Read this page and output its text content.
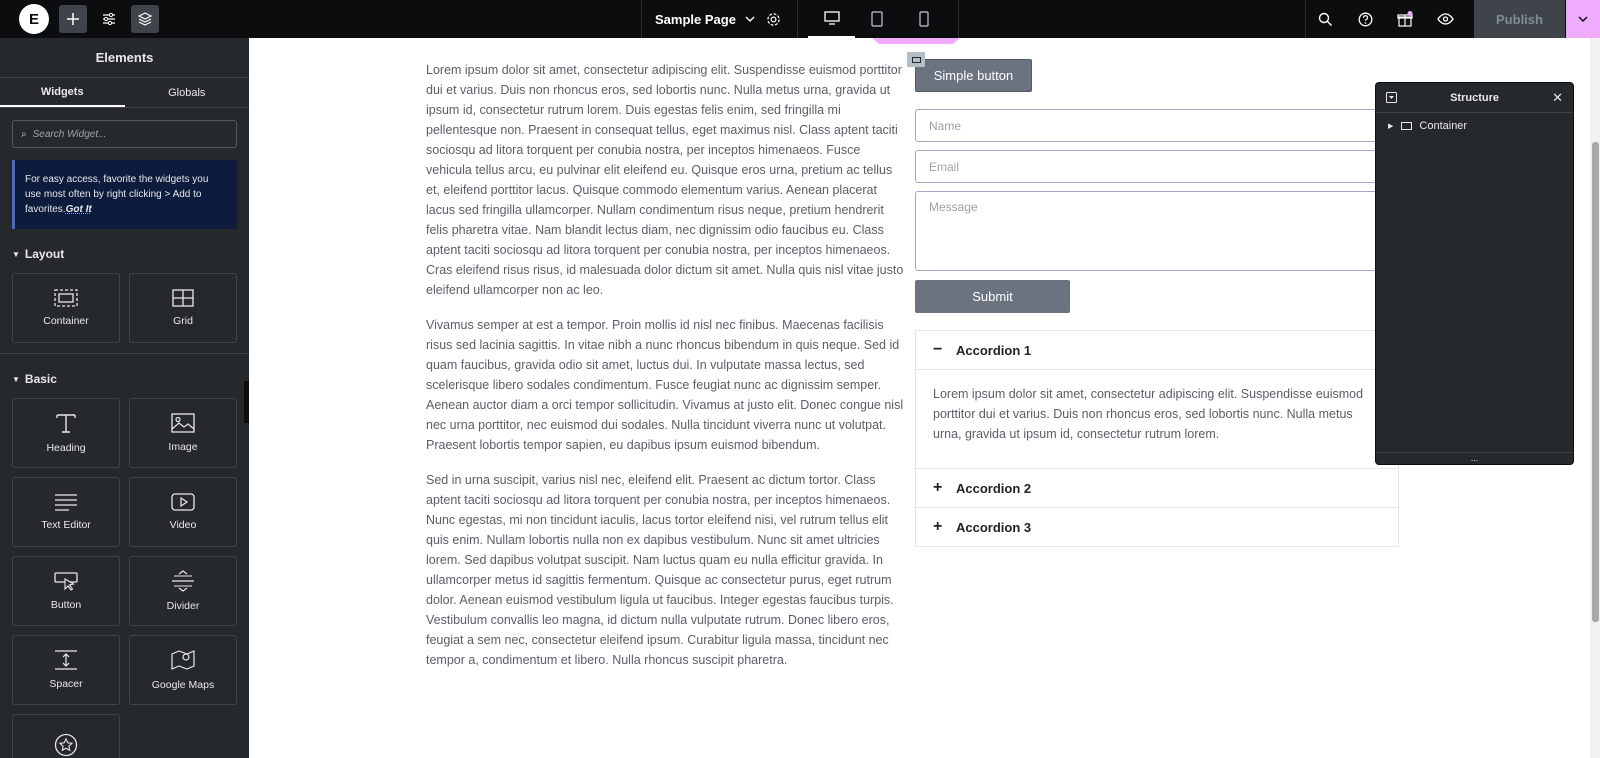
E	Sample Page	Publish
Elements
Widgets	Globals
⌕ Search Widget...
For easy access, favorite the widgets you use most often by right clicking > Add to favorites.Got It
▼ Layout
Container	Grid
▼ Basic
Heading	Image
Text Editor	Video
Button	Divider
Spacer	Google Maps

Lorem ipsum dolor sit amet, consectetur adipiscing elit. Suspendisse euismod porttitor dui et varius. Duis non rhoncus eros, sed lobortis nunc. Nulla metus urna, gravida ut ipsum id, consectetur rutrum lorem. Duis egestas felis enim, sed fringilla mi pellentesque non. Praesent in consequat tellus, eget maximus nisl. Class aptent taciti sociosqu ad litora torquent per conubia nostra, per inceptos himenaeos. Fusce vehicula tellus arcu, eu pulvinar elit eleifend eu. Quisque eros urna, pretium ac tellus et, eleifend porttitor lacus. Quisque commodo elementum varius. Aenean placerat lacus sed fringilla ullamcorper. Nullam condimentum risus neque, pretium hendrerit felis pharetra vitae. Nam blandit lectus diam, nec dignissim odio faucibus eu. Class aptent taciti sociosqu ad litora torquent per conubia nostra, per inceptos himenaeos. Cras eleifend risus risus, id malesuada dolor dictum sit amet. Nulla quis nisl vitae justo eleifend ullamcorper non ac leo.

Vivamus semper at est a tempor. Proin mollis id nisl nec finibus. Maecenas facilisis risus sed lacinia sagittis. In vitae nibh a nunc rhoncus bibendum in quis neque. Sed id quam faucibus, gravida odio sit amet, luctus dui. In vulputate massa lectus, sed scelerisque libero sodales condimentum. Fusce feugiat nunc ac dignissim semper. Aenean auctor diam a orci tempor sollicitudin. Vivamus at justo elit. Donec congue nisl nec urna porttitor, nec euismod dui sodales. Nulla tincidunt viverra nunc ut volutpat. Praesent lobortis tempor sapien, eu dapibus ipsum euismod bibendum.

Sed in urna suscipit, varius nisl nec, eleifend elit. Praesent ac dictum tortor. Class aptent taciti sociosqu ad litora torquent per conubia nostra, per inceptos himenaeos. Nunc egestas, mi non tincidunt iaculis, lacus tortor eleifend nisi, vel rutrum tellus elit quis enim. Nullam lobortis nulla non ex dapibus vestibulum. Nunc sit amet ultricies lorem. Sed dapibus volutpat suscipit. Nam luctus quam eu nulla efficitur gravida. In ullamcorper metus id sagittis fermentum. Quisque ac consectetur purus, eget rutrum dolor. Aenean euismod vestibulum ligula ut faucibus. Integer egestas faucibus turpis. Vestibulum convallis leo magna, id dictum nulla vulputate rutrum. Donec libero eros, feugiat a sem nec, consectetur eleifend ipsum. Curabitur ligula massa, tincidunt nec tempor a, condimentum et libero. Nulla rhoncus suscipit pharetra.

Simple button
Name
Email
Message
Submit
−	Accordion 1
Lorem ipsum dolor sit amet, consectetur adipiscing elit. Suspendisse euismod porttitor dui et varius. Duis non rhoncus eros, sed lobortis nunc. Nulla metus urna, gravida ut ipsum id, consectetur rutrum lorem.
+	Accordion 2
+	Accordion 3
Structure	✕
▶ Container
...
